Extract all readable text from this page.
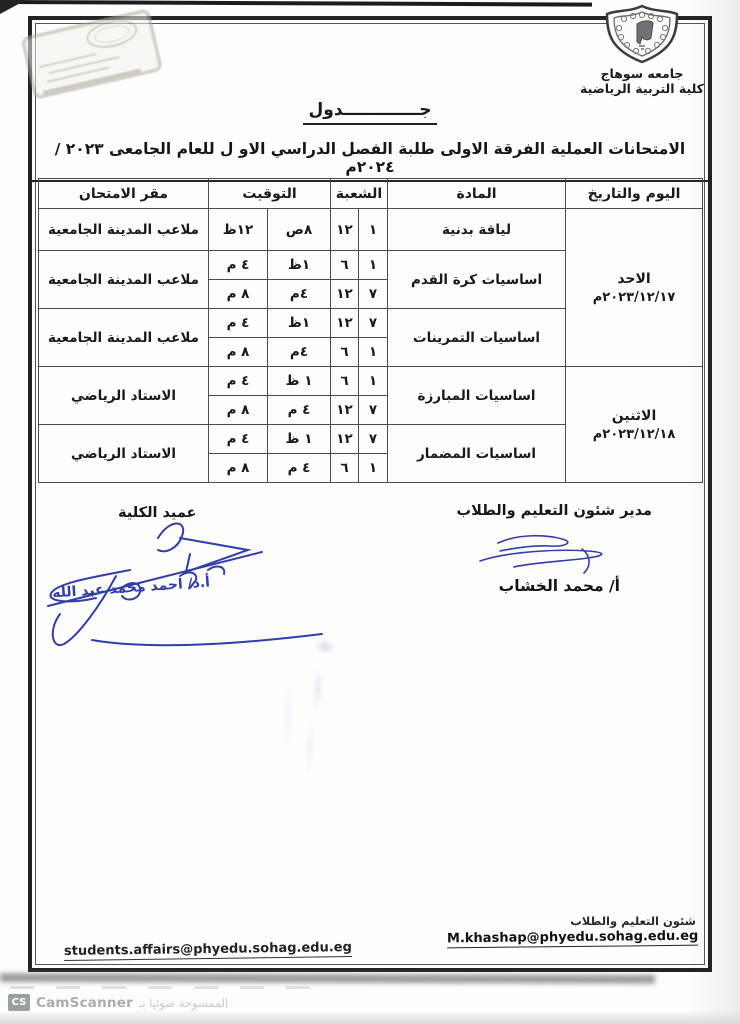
جامعه سوهاج
كلية التربية الرياضية
جـــــــــــــدول
الامتحانات العملية الفرقة الاولى طلبة الفصل الدراسي الاو ل للعام الجامعى ٢٠٢٣ / ٢٠٢٤م
اليوم والتاريخ	المادة	الشعبة		التوقيت		مقر الامتحان

الاحد
٢٠٢٣/١٢/١٧م	لياقة بدنية	١	١٢	٨ص	١٢ظ	ملاعب المدينة الجامعية
	اساسيات كرة القدم	١	٦	١ظ	٤ م	ملاعب المدينة الجامعية
		٧	١٢	٤م	٨ م	
	اساسيات التمرينات	٧	١٢	١ظ	٤ م	ملاعب المدينة الجامعية
		١	٦	٤م	٨ م	

الاثنين
٢٠٢٣/١٢/١٨م	اساسيات المبارزة	١	٦	١ ظ	٤ م	الاستاد الرياضي
		٧	١٢	٤ م	٨ م	
	اساسيات المضمار	٧	١٢	١ ظ	٤ م	الاستاد الرياضي
		١	٦	٤ م	٨ م	
مدير شئون التعليم والطلاب
عميد الكلية
أ/ محمد الخشاب
أ.د/ احمد محمد عبد الله
شئون التعليم والطلاب
M.khashap@phyedu.sohag.edu.eg
students.affairs@phyedu.sohag.edu.eg
CS CamScanner الممسوحة ضوئيا بـ
